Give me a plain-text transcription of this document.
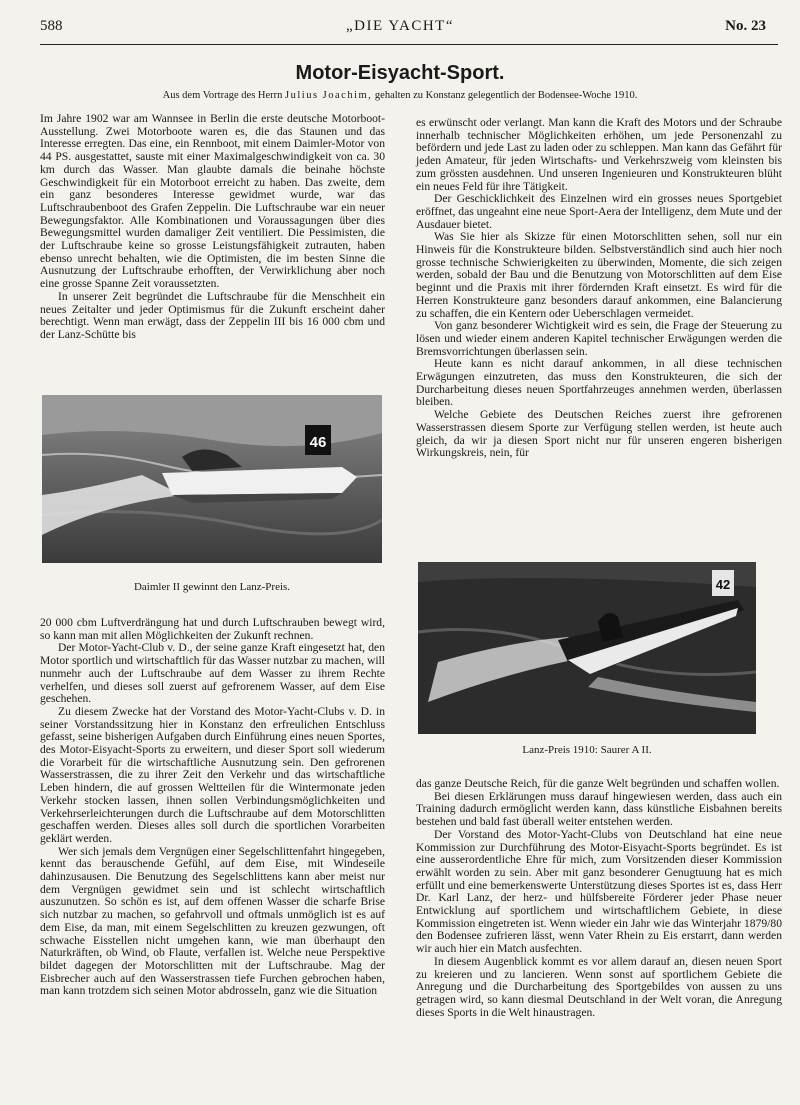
588	„DIE YACHT“	No. 23
Motor-Eisyacht-Sport.
Aus dem Vortrage des Herrn Julius Joachim, gehalten zu Konstanz gelegentlich der Bodensee-Woche 1910.

Im Jahre 1902 war am Wannsee in Berlin die erste deutsche Motorboot-Ausstellung. Zwei Motorboote waren es, die das Staunen und das Interesse erregten. Das eine, ein Rennboot, mit einem Daimler-Motor von 44 PS. ausgestattet, sauste mit einer Maximalgeschwindigkeit von ca. 30 km durch das Wasser. Man glaubte damals die beinahe höchste Geschwindigkeit für ein Motorboot erreicht zu haben. Das zweite, dem ein ganz besonderes Interesse gewidmet wurde, war das Luftschraubenboot des Grafen Zeppelin. Die Luftschraube war ein neuer Bewegungsfaktor. Alle Kombinationen und Voraussagungen über dies Bewegungsmittel wurden damaliger Zeit ventiliert. Die Pessimisten, die der Luftschraube keine so grosse Leistungsfähigkeit zutrauten, haben ebenso unrecht behalten, wie die Optimisten, die im besten Sinne die Ausnutzung der Luftschraube erhofften, der Verwirklichung aber noch eine grosse Spanne Zeit voraussetzten.

In unserer Zeit begründet die Luftschraube für die Menschheit ein neues Zeitalter und jeder Optimismus für die Zukunft erscheint daher berechtigt. Wenn man erwägt, dass der Zeppelin III bis 16 000 cbm und der Lanz-Schütte bis

46
Daimler II gewinnt den Lanz-Preis.

20 000 cbm Luftverdrängung hat und durch Luftschrauben bewegt wird, so kann man mit allen Möglichkeiten der Zukunft rechnen.

Der Motor-Yacht-Club v. D., der seine ganze Kraft eingesetzt hat, den Motor sportlich und wirtschaftlich für das Wasser nutzbar zu machen, will nunmehr auch der Luftschraube auf dem Wasser zu ihrem Rechte verhelfen, und dieses soll zuerst auf gefrorenem Wasser, auf dem Eise geschehen.

Zu diesem Zwecke hat der Vorstand des Motor-Yacht-Clubs v. D. in seiner Vorstandssitzung hier in Konstanz den erfreulichen Entschluss gefasst, seine bisherigen Aufgaben durch Einführung eines neuen Sportes, des Motor-Eisyacht-Sports zu erweitern, und dieser Sport soll wiederum die Vorarbeit für die wirtschaftliche Ausnutzung sein. Den gefrorenen Wasserstrassen, die zu ihrer Zeit den Verkehr und das wirtschaftliche Leben hindern, die auf grossen Weltteilen für die Wintermonate jeden Verkehr stocken lassen, ihnen sollen Verbindungsmöglichkeiten und Verkehrserleichterungen durch die Luftschraube auf dem Motorschlitten geschaffen werden. Dieses alles soll durch die sportlichen Vorarbeiten geklärt werden.

Wer sich jemals dem Vergnügen einer Segelschlittenfahrt hingegeben, kennt das berauschende Gefühl, auf dem Eise, mit Windeseile dahinzusausen. Die Benutzung des Segelschlittens kann aber meist nur dem Vergnügen gewidmet sein und ist schlecht wirtschaftlich auszunutzen. So schön es ist, auf dem offenen Wasser die scharfe Brise sich nutzbar zu machen, so gefahrvoll und oftmals unmöglich ist es auf dem Eise, da man, mit einem Segelschlitten zu kreuzen gezwungen, oft schwache Eisstellen nicht umgehen kann, wie man überhaupt den Naturkräften, ob Wind, ob Flaute, verfallen ist. Welche neue Perspektive bildet dagegen der Motorschlitten mit der Luftschraube. Mag der Eisbrecher auch auf den Wasserstrassen tiefe Furchen gebrochen haben, man kann trotzdem sich seinen Motor abdrosseln, ganz wie die Situation

es erwünscht oder verlangt. Man kann die Kraft des Motors und der Schraube innerhalb technischer Möglichkeiten erhöhen, um jede Personenzahl zu befördern und jede Last zu laden oder zu schleppen. Man kann das Gefährt für jeden Amateur, für jeden Wirtschafts- und Verkehrszweig vom kleinsten bis zum grössten ausdehnen. Und unseren Ingenieuren und Konstrukteuren blüht ein neues Feld für ihre Tätigkeit.

Der Geschicklichkeit des Einzelnen wird ein grosses neues Sportgebiet eröffnet, das ungeahnt eine neue Sport-Aera der Intelligenz, dem Mute und der Ausdauer bietet.

Was Sie hier als Skizze für einen Motorschlitten sehen, soll nur ein Hinweis für die Konstrukteure bilden. Selbstverständlich sind auch hier noch grosse technische Schwierigkeiten zu überwinden, Momente, die sich zeigen werden, sobald der Bau und die Benutzung von Motorschlitten auf dem Eise beginnt und die Praxis mit ihrer fördernden Kraft einsetzt. Es wird für die Herren Konstrukteure ganz besonders darauf ankommen, eine Balancierung zu schaffen, die ein Kentern oder Ueberschlagen vermeidet.

Von ganz besonderer Wichtigkeit wird es sein, die Frage der Steuerung zu lösen und wieder einem anderen Kapitel technischer Erwägungen werden die Bremsvorrichtungen überlassen sein.

Heute kann es nicht darauf ankommen, in all diese technischen Erwägungen einzutreten, das muss den Konstrukteuren, die sich der Durcharbeitung dieses neuen Sportfahrzeuges annehmen werden, überlassen bleiben.

Welche Gebiete des Deutschen Reiches zuerst ihre gefrorenen Wasserstrassen diesem Sporte zur Verfügung stellen werden, ist heute auch gleich, da wir ja diesen Sport nicht nur für unseren engeren bisherigen Wirkungskreis, nein, für

42
Lanz-Preis 1910: Saurer A II.

das ganze Deutsche Reich, für die ganze Welt begründen und schaffen wollen.

Bei diesen Erklärungen muss darauf hingewiesen werden, dass auch ein Training dadurch ermöglicht werden kann, dass künstliche Eisbahnen bereits bestehen und bald fast überall weiter entstehen werden.

Der Vorstand des Motor-Yacht-Clubs von Deutschland hat eine neue Kommission zur Durchführung des Motor-Eisyacht-Sports begründet. Es ist eine ausserordentliche Ehre für mich, zum Vorsitzenden dieser Kommission erwählt worden zu sein. Aber mit ganz besonderer Genugtuung hat es mich erfüllt und eine bemerkenswerte Unterstützung dieses Sportes ist es, dass Herr Dr. Karl Lanz, der herz- und hülfsbereite Förderer jeder Phase neuer Entwicklung auf sportlichem und wirtschaftlichem Gebiete, in diese Kommission eingetreten ist. Wenn wieder ein Jahr wie das Winterjahr 1879/80 den Bodensee zufrieren lässt, wenn Vater Rhein zu Eis erstarrt, dann werden wir auch hier ein Match ausfechten.

In diesem Augenblick kommt es vor allem darauf an, diesen neuen Sport zu kreieren und zu lancieren. Wenn sonst auf sportlichem Gebiete die Anregung und die Durcharbeitung des Sportgebildes von aussen zu uns getragen wird, so kann diesmal Deutschland in der Welt voran, die Anregung dieses Sports in die Welt hinaustragen.
